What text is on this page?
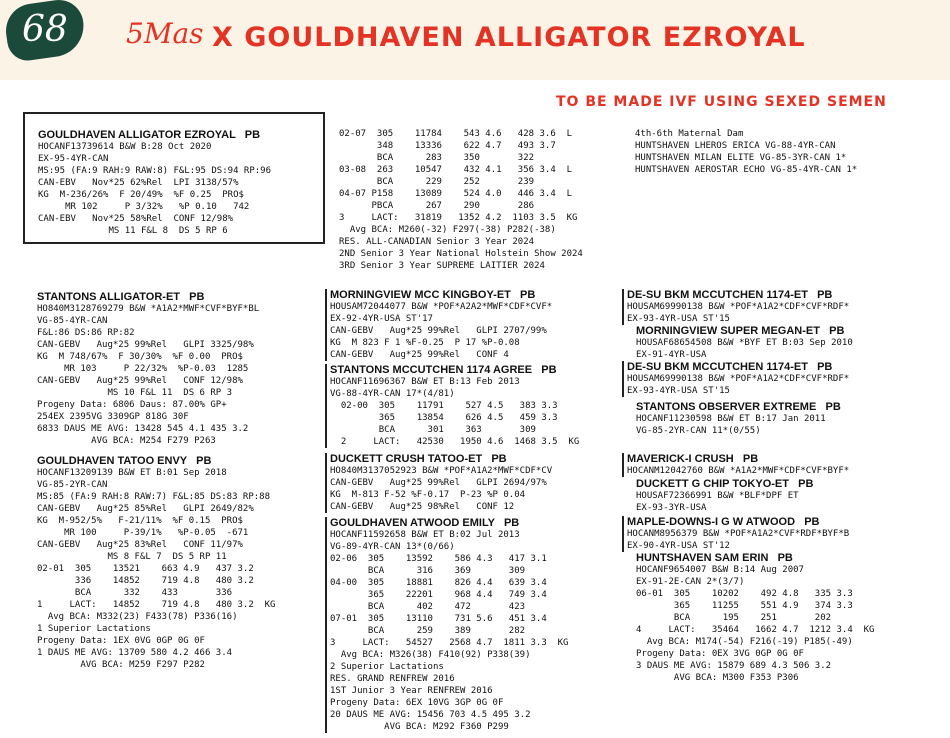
68 5Mas X GOULDHAVEN ALLIGATOR EZROYAL
TO BE MADE IVF USING SEXED SEMEN
GOULDHAVEN ALLIGATOR EZROYAL   PB
HOCANF13739614 B&W B:28 Oct 2020
EX-95-4YR-CAN
MS:95 (FA:9 RAH:9 RAW:8) F&L:95 DS:94 RP:96
CAN-EBV   Nov*25 62%Rel  LPI 3138/57%
KG  M-236/26%  F 20/49%  %F 0.25  PRO$
MR 102     P 3/32%   %P 0.10   742
CAN-EBV   Nov*25 58%Rel  CONF 12/98%
MS 11 F&L 8  DS 5 RP 6
STANTONS ALLIGATOR-ET   PB
HO840M3128769279 B&W *A1A2*MWF*CVF*BYF*BL
VG-85-4YR-CAN
F&L:86 DS:86 RP:82
CAN-GEBV   Aug*25 99%Rel   GLPI 3325/98%
KG  M 748/67%  F 30/30%  %F 0.00  PRO$
MR 103     P 22/32%  %P-0.03  1285
CAN-GEBV   Aug*25 99%Rel   CONF 12/98%
MS 10 F&L 11  DS 6 RP 3
Progeny Data: 6806 Daus: 87.00% GP+
254EX 2395VG 3309GP 818G 30F
6833 DAUS ME AVG: 13428 545 4.1 435 3.2
AVG BCA: M254 F279 P263
GOULDHAVEN TATOO ENVY   PB
HOCANF13209139 B&W ET B:01 Sep 2018
VG-85-2YR-CAN
MS:85 (FA:9 RAH:8 RAW:7) F&L:85 DS:83 RP:88
CAN-GEBV   Aug*25 85%Rel   GLPI 2649/82%
KG  M-952/5%   F-21/11%  %F 0.15  PRO$
MR 100     P-39/1%   %P-0.05  -671
CAN-GEBV   Aug*25 83%Rel   CONF 11/97%
MS 8 F&L 7  DS 5 RP 11
02-01  305    13521    663 4.9   437 3.2
336    14852    719 4.8   480 3.2
BCA      332    433       336
1     LACT:   14852    719 4.8   480 3.2  KG
Avg BCA: M332(23) F433(78) P336(16)
1 Superior Lactations
Progeny Data: 1EX 0VG 0GP 0G 0F
1 DAUS ME AVG: 13709 580 4.2 466 3.4
AVG BCA: M259 F297 P282
02-07  305    11784    543 4.6   428 3.6  L
348    13336    622 4.7   493 3.7
BCA      283    350       322
03-08  263    10547    432 4.1   356 3.4  L
BCA      229    252       239
04-07 P158    13089    524 4.0   446 3.4  L
PBCA      267    290       286
3     LACT:   31819   1352 4.2  1103 3.5  KG
Avg BCA: M260(-32) F297(-38) P282(-38)
RES. ALL-CANADIAN Senior 3 Year 2024
2ND Senior 3 Year National Holstein Show 2024
3RD Senior 3 Year SUPREME LAITIER 2024
MORNINGVIEW MCC KINGBOY-ET   PB
HOUSAM72044077 B&W *POF*A2A2*MWF*CDF*CVF*
EX-92-4YR-USA ST'17
CAN-GEBV   Aug*25 99%Rel   GLPI 2707/99%
KG  M 823 F 1 %F-0.25  P 17 %P-0.08
CAN-GEBV   Aug*25 99%Rel   CONF 4
STANTONS MCCUTCHEN 1174 AGREE   PB
HOCANF11696367 B&W ET B:13 Feb 2013
VG-88-4YR-CAN 17*(4/81)
02-00  305    11791    527 4.5   383 3.3
365    13854    626 4.5   459 3.3
BCA      301    363       309
2     LACT:   42530   1950 4.6  1468 3.5  KG
DUCKETT CRUSH TATOO-ET   PB
HO840M3137052923 B&W *POF*A1A2*MWF*CDF*CV
CAN-GEBV   Aug*25 99%Rel   GLPI 2694/97%
KG  M-813 F-52 %F-0.17  P-23 %P 0.04
CAN-GEBV   Aug*25 98%Rel   CONF 12
GOULDHAVEN ATWOOD EMILY   PB
HOCANF11592658 B&W ET B:02 Jul 2013
VG-89-4YR-CAN 13*(0/66)
02-06  305    13592    586 4.3   417 3.1
BCA      316    369       309
04-00  305    18881    826 4.4   639 3.4
365    22201    968 4.4   749 3.4
BCA      402    472       423
07-01  305    13110    731 5.6   451 3.4
BCA      259    389       282
3     LACT:   54527   2568 4.7  1811 3.3  KG
Avg BCA: M326(38) F410(92) P338(39)
2 Superior Lactations
RES. GRAND RENFREW 2016
1ST Junior 3 Year RENFREW 2016
Progeny Data: 6EX 10VG 3GP 0G 0F
20 DAUS ME AVG: 15456 703 4.5 495 3.2
AVG BCA: M292 F360 P299
4th-6th Maternal Dam
HUNTSHAVEN LHEROS ERICA VG-88-4YR-CAN
HUNTSHAVEN MILAN ELITE VG-85-3YR-CAN 1*
HUNTSHAVEN AEROSTAR ECHO VG-85-4YR-CAN 1*
DE-SU BKM MCCUTCHEN 1174-ET   PB
HOUSAM69990138 B&W *POF*A1A2*CDF*CVF*RDF*
EX-93-4YR-USA ST'15
MORNINGVIEW SUPER MEGAN-ET   PB
HOUSAF68654508 B&W *BYF ET B:03 Sep 2010
EX-91-4YR-USA
DE-SU BKM MCCUTCHEN 1174-ET   PB
HOUSAM69990138 B&W *POF*A1A2*CDF*CVF*RDF*
EX-93-4YR-USA ST'15
STANTONS OBSERVER EXTREME   PB
HOCANF11230598 B&W ET B:17 Jan 2011
VG-85-2YR-CAN 11*(0/55)
MAVERICK-I CRUSH   PB
HOCANM12042760 B&W *A1A2*MWF*CDF*CVF*BYF*
DUCKETT G CHIP TOKYO-ET   PB
HOUSAF72366991 B&W *BLF*DPF ET
EX-93-3YR-USA
MAPLE-DOWNS-I G W ATWOOD   PB
HOCANM8956379 B&W *POF*A1A2*CVF*RDF*BYF*B
EX-90-4YR-USA ST'12
HUNTSHAVEN SAM ERIN   PB
HOCANF9654007 B&W B:14 Aug 2007
EX-91-2E-CAN 2*(3/7)
06-01  305    10202    492 4.8   335 3.3
365    11255    551 4.9   374 3.3
BCA      195    251       202
4     LACT:   35464   1662 4.7  1212 3.4  KG
Avg BCA: M174(-54) F216(-19) P185(-49)
Progeny Data: 0EX 3VG 0GP 0G 0F
3 DAUS ME AVG: 15879 689 4.3 506 3.2
AVG BCA: M300 F353 P306
